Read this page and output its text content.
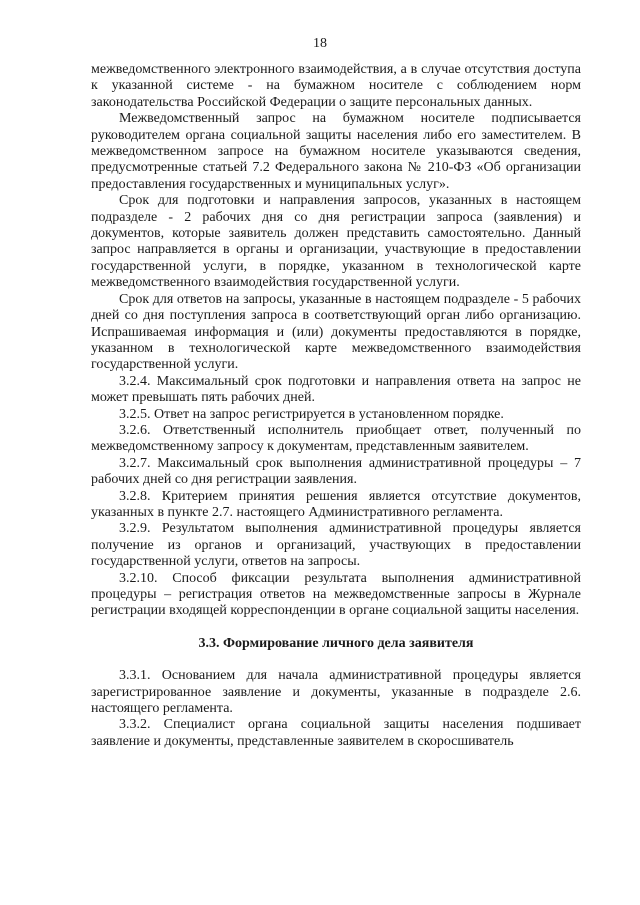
18

межведомственного электронного взаимодействия, а в случае отсутствия доступа к указанной системе - на бумажном носителе с соблюдением норм законодательства Российской Федерации о защите персональных данных.

Межведомственный запрос на бумажном носителе подписывается руководителем органа социальной защиты населения либо его заместителем. В межведомственном запросе на бумажном носителе указываются сведения, предусмотренные статьей 7.2 Федерального закона № 210-ФЗ «Об организации предоставления государственных и муниципальных услуг».

Срок для подготовки и направления запросов, указанных в настоящем подразделе - 2 рабочих дня со дня регистрации запроса (заявления) и документов, которые заявитель должен представить самостоятельно. Данный запрос направляется в органы и организации, участвующие в предоставлении государственной услуги, в порядке, указанном в технологической карте межведомственного взаимодействия государственной услуги.

Срок для ответов на запросы, указанные в настоящем подразделе - 5 рабочих дней со дня поступления запроса в соответствующий орган либо организацию. Испрашиваемая информация и (или) документы предоставляются в порядке, указанном в технологической карте межведомственного взаимодействия государственной услуги.

3.2.4. Максимальный срок подготовки и направления ответа на запрос не может превышать пять рабочих дней.

3.2.5. Ответ на запрос регистрируется в установленном порядке.

3.2.6. Ответственный исполнитель приобщает ответ, полученный по межведомственному запросу к документам, представленным заявителем.

3.2.7. Максимальный срок выполнения административной процедуры – 7 рабочих дней со дня регистрации заявления.

3.2.8. Критерием принятия решения является отсутствие документов, указанных в пункте 2.7. настоящего Административного регламента.

3.2.9. Результатом выполнения административной процедуры является получение из органов и организаций, участвующих в предоставлении государственной услуги, ответов на запросы.

3.2.10. Способ фиксации результата выполнения административной процедуры – регистрация ответов на межведомственные запросы в Журнале регистрации входящей корреспонденции в органе социальной защиты населения.

3.3. Формирование личного дела заявителя

3.3.1. Основанием для начала административной процедуры является зарегистрированное заявление и документы, указанные в подразделе 2.6. настоящего регламента.

3.3.2. Специалист органа социальной защиты населения подшивает заявление и документы, представленные заявителем в скоросшиватель
